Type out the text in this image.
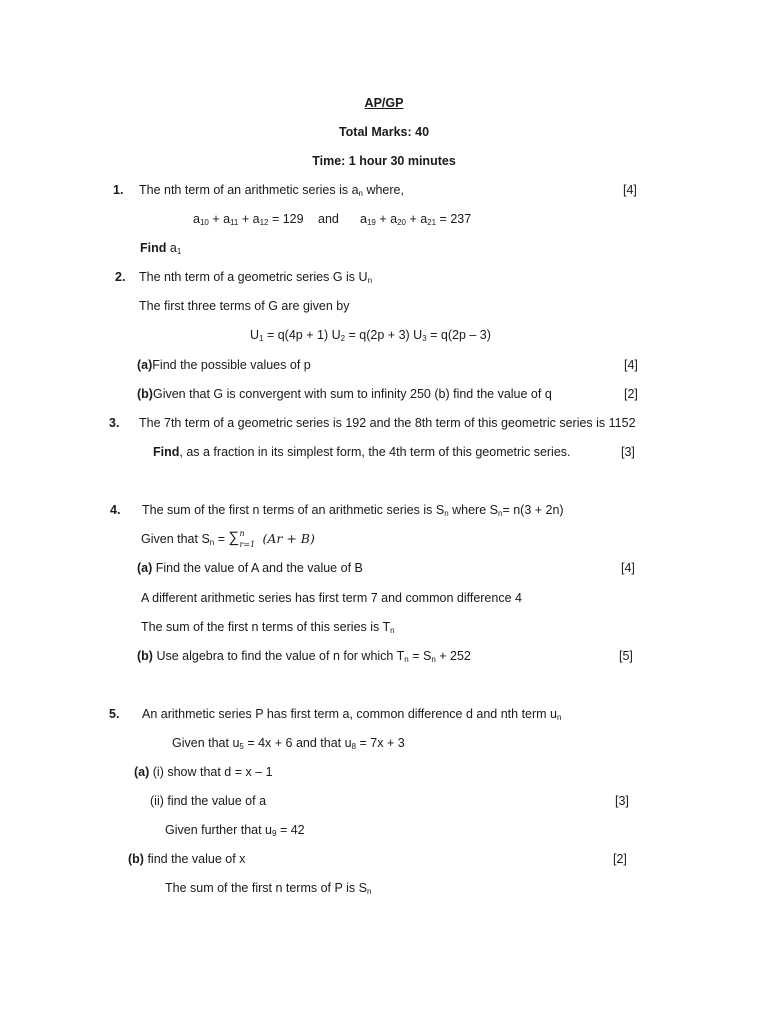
AP/GP
Total Marks: 40
Time: 1 hour 30 minutes
1. The nth term of an arithmetic series is $a_n$ where,	[4]
$a_{10} + a_{11} + a_{12} = 129$ and $a_{19} + a_{20} + a_{21} = 237$
Find $a_1$
2. The nth term of a geometric series G is $U_n$
The first three terms of G are given by
$U_1 = q(4p + 1) U_2 = q(2p + 3) U_3 = q(2p - 3)$
(a)Find the possible values of p	[4]
(b)Given that G is convergent with sum to infinity 250 (b) find the value of q	[2]
3. The 7th term of a geometric series is 192 and the 8th term of this geometric series is 1152
Find, as a fraction in its simplest form, the 4th term of this geometric series.	[3]
4. The sum of the first n terms of an arithmetic series is $S_n$ where $S_n= n(3 + 2n)$
Given that $S_n$ = ∑ n
r=1 (Ar + B)
(a) Find the value of A and the value of B	[4]
A different arithmetic series has first term 7 and common difference 4
The sum of the first n terms of this series is $T_n$
(b) Use algebra to find the value of n for which $T_n = S_n + 252$	[5]
5. An arithmetic series P has first term a, common difference d and nth term $u_n$
Given that $u_5 = 4x + 6$ and that $u_8 = 7x + 3$
(a) (i) show that d = x – 1
(ii) find the value of a	[3]
Given further that $u_9 = 42$
(b) find the value of x	[2]
The sum of the first n terms of P is $S_n$
